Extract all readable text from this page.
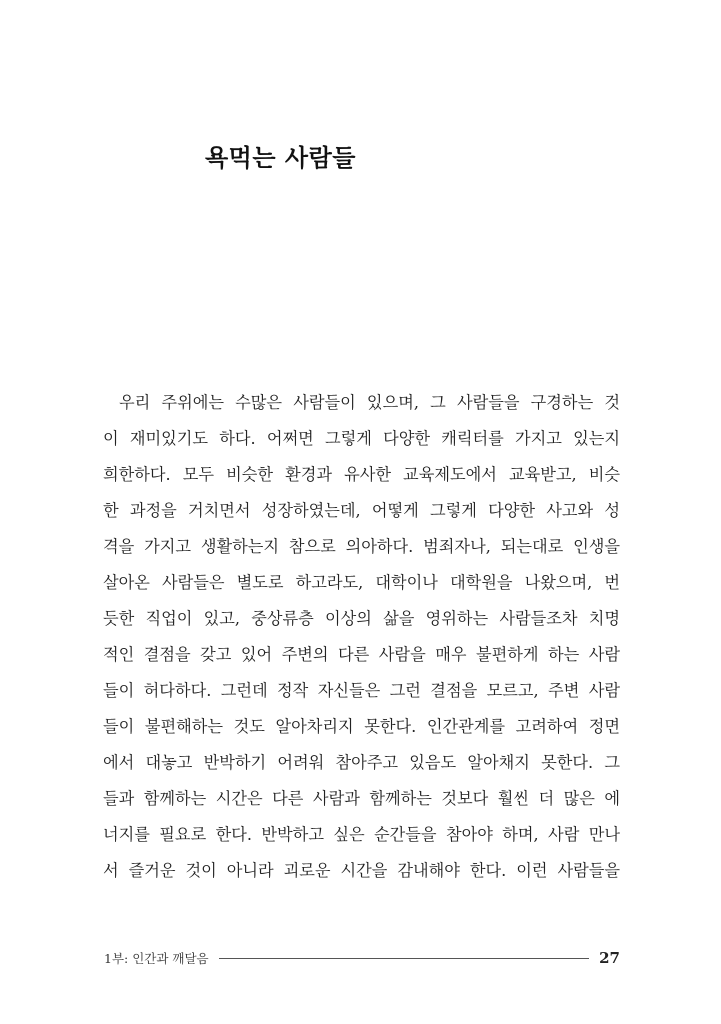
욕먹는 사람들
우리 주위에는 수많은 사람들이 있으며, 그 사람들을 구경하는 것
이 재미있기도 하다. 어쩌면 그렇게 다양한 캐릭터를 가지고 있는지
희한하다. 모두 비슷한 환경과 유사한 교육제도에서 교육받고, 비슷
한 과정을 거치면서 성장하였는데, 어떻게 그렇게 다양한 사고와 성
격을 가지고 생활하는지 참으로 의아하다. 범죄자나, 되는대로 인생을
살아온 사람들은 별도로 하고라도, 대학이나 대학원을 나왔으며, 번
듯한 직업이 있고, 중상류층 이상의 삶을 영위하는 사람들조차 치명
적인 결점을 갖고 있어 주변의 다른 사람을 매우 불편하게 하는 사람
들이 허다하다. 그런데 정작 자신들은 그런 결점을 모르고, 주변 사람
들이 불편해하는 것도 알아차리지 못한다. 인간관계를 고려하여 정면
에서 대놓고 반박하기 어려워 참아주고 있음도 알아채지 못한다. 그
들과 함께하는 시간은 다른 사람과 함께하는 것보다 훨씬 더 많은 에
너지를 필요로 한다. 반박하고 싶은 순간들을 참아야 하며, 사람 만나
서 즐거운 것이 아니라 괴로운 시간을 감내해야 한다. 이런 사람들을
1부: 인간과 깨달음	27
